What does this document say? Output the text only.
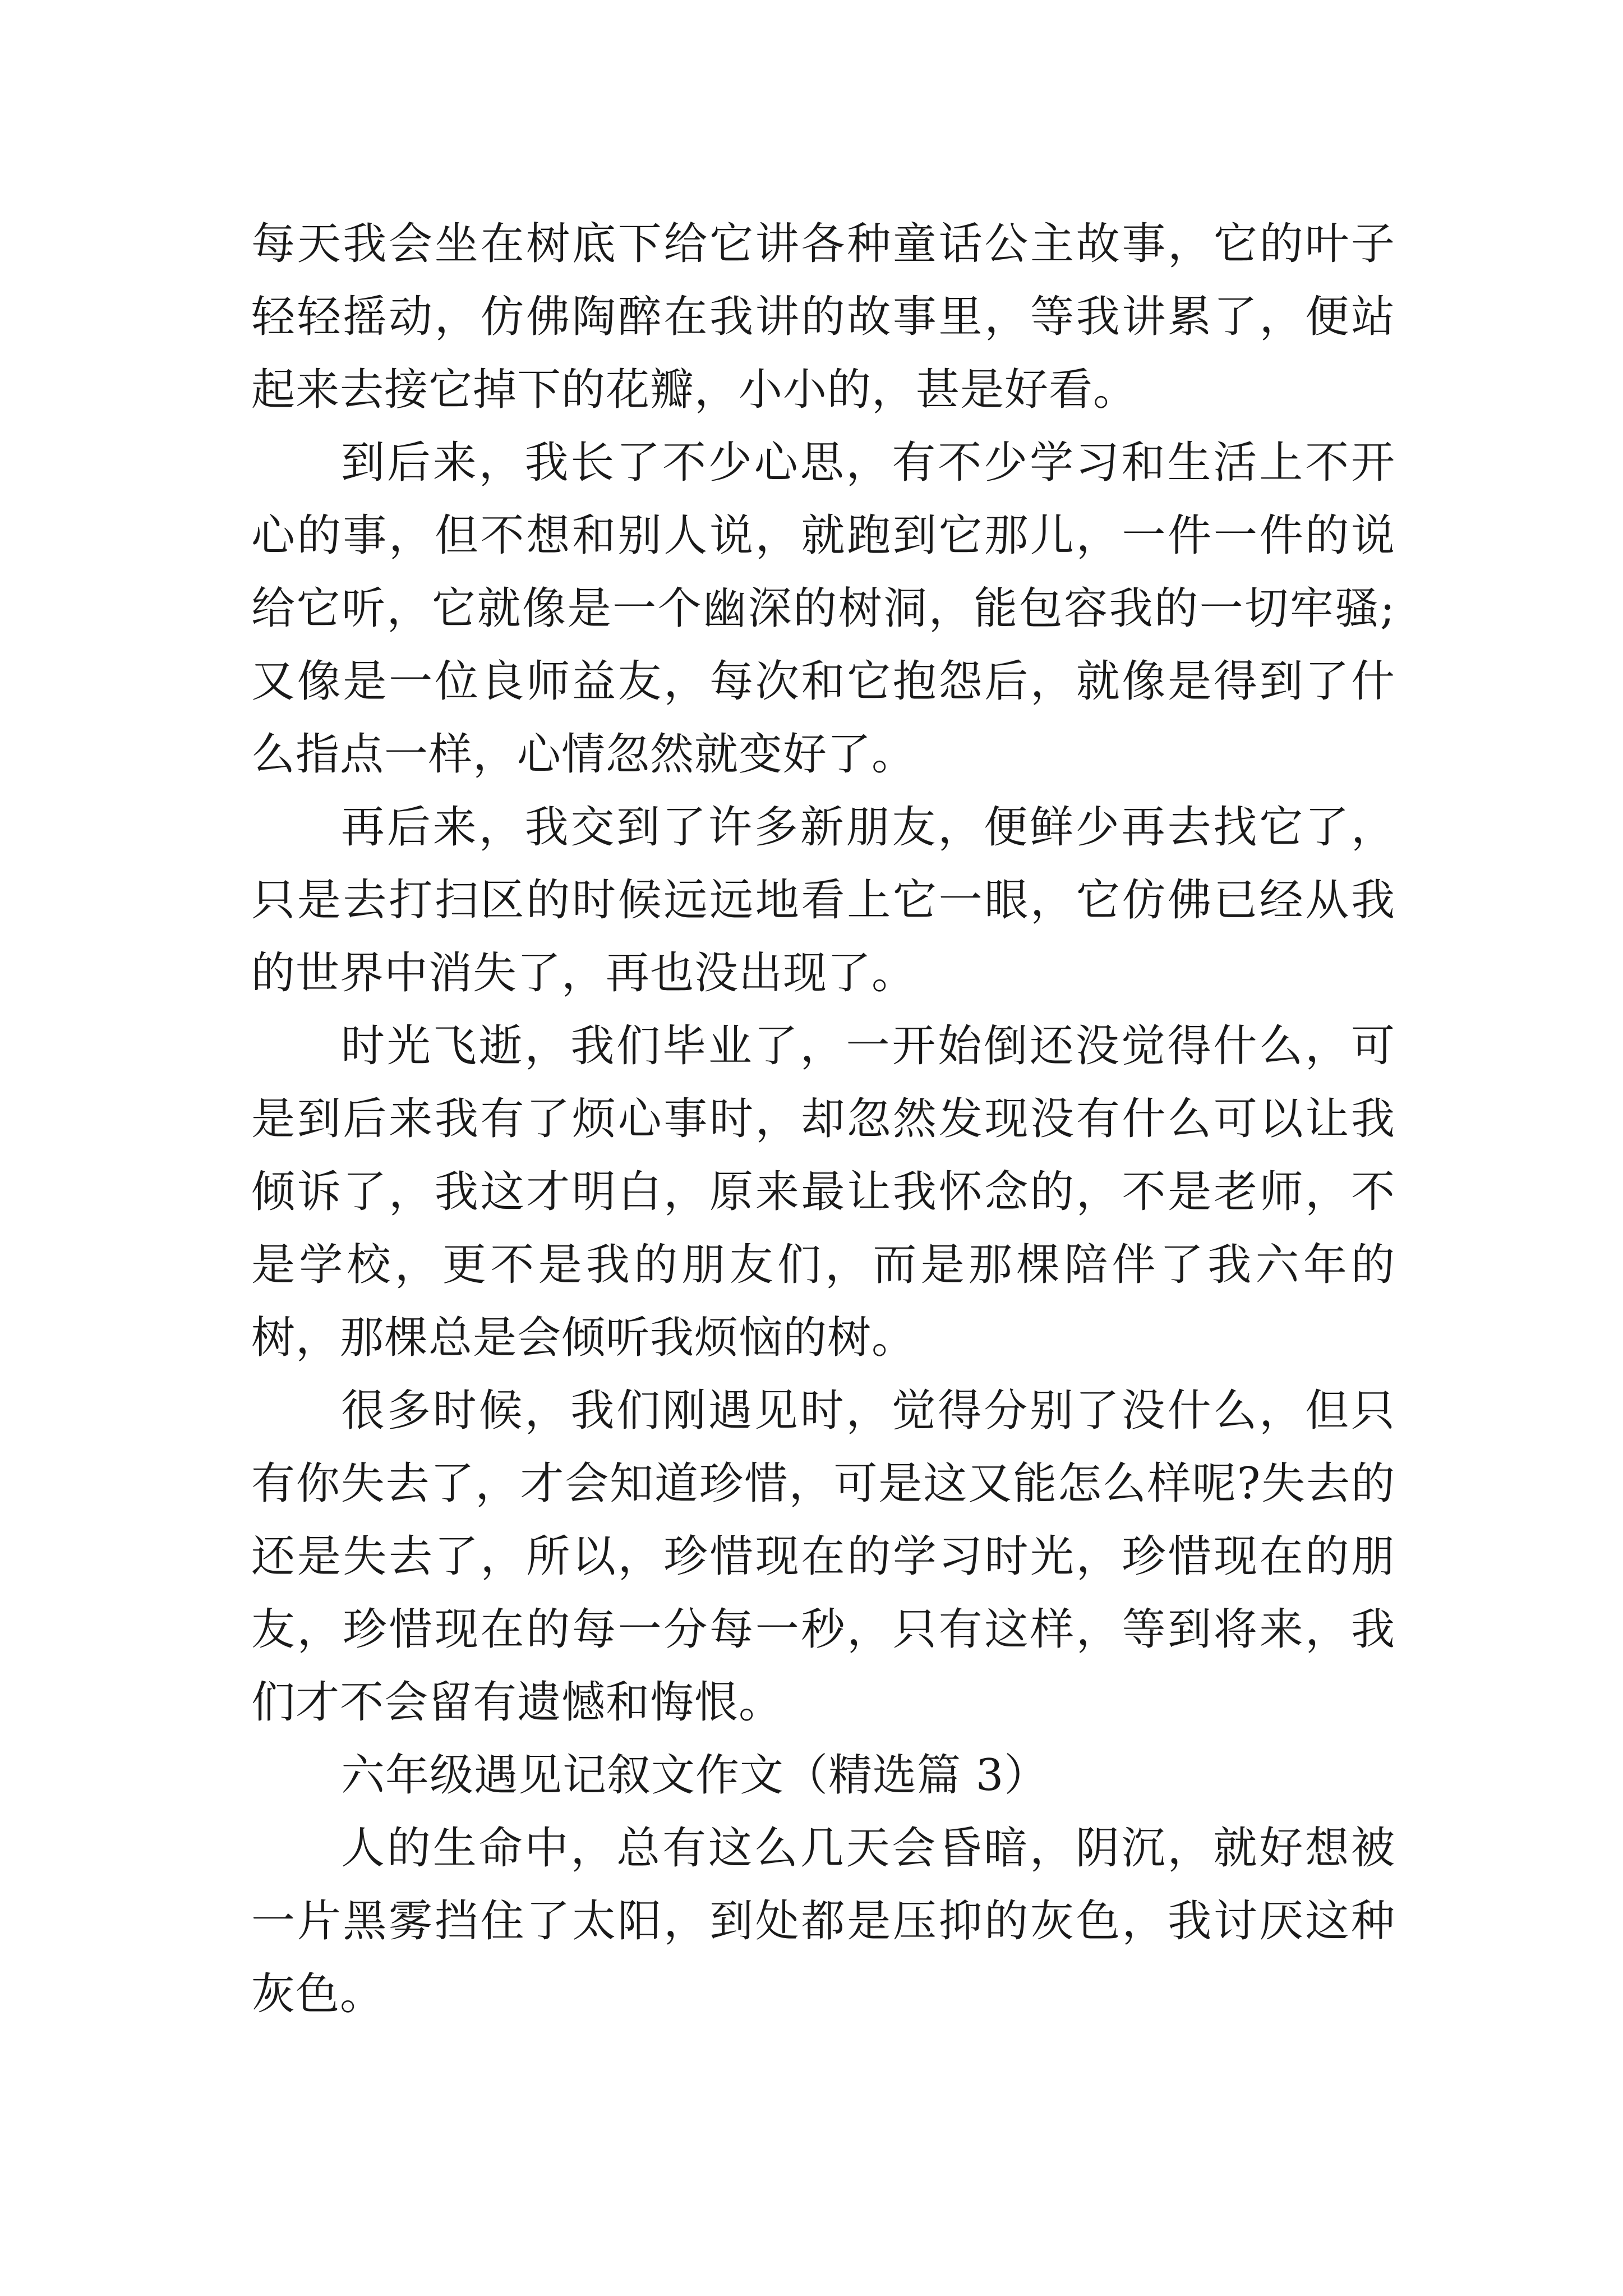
每天我会坐在树底下给它讲各种童话公主故事，它的叶子轻轻摇动，仿佛陶醉在我讲的故事里，等我讲累了，便站起来去接它掉下的花瓣，小小的，甚是好看。

到后来，我长了不少心思，有不少学习和生活上不开心的事，但不想和别人说，就跑到它那儿，一件一件的说给它听，它就像是一个幽深的树洞，能包容我的一切牢骚;又像是一位良师益友，每次和它抱怨后，就像是得到了什么指点一样，心情忽然就变好了。

再后来，我交到了许多新朋友，便鲜少再去找它了，只是去打扫区的时候远远地看上它一眼，它仿佛已经从我的世界中消失了，再也没出现了。

时光飞逝，我们毕业了，一开始倒还没觉得什么，可是到后来我有了烦心事时，却忽然发现没有什么可以让我倾诉了，我这才明白，原来最让我怀念的，不是老师，不是学校，更不是我的朋友们，而是那棵陪伴了我六年的树，那棵总是会倾听我烦恼的树。

很多时候，我们刚遇见时，觉得分别了没什么，但只有你失去了，才会知道珍惜，可是这又能怎么样呢?失去的还是失去了，所以，珍惜现在的学习时光，珍惜现在的朋友，珍惜现在的每一分每一秒，只有这样，等到将来，我们才不会留有遗憾和悔恨。

六年级遇见记叙文作文（精选篇 3）

人的生命中，总有这么几天会昏暗，阴沉，就好想被一片黑雾挡住了太阳，到处都是压抑的灰色，我讨厌这种灰色。
